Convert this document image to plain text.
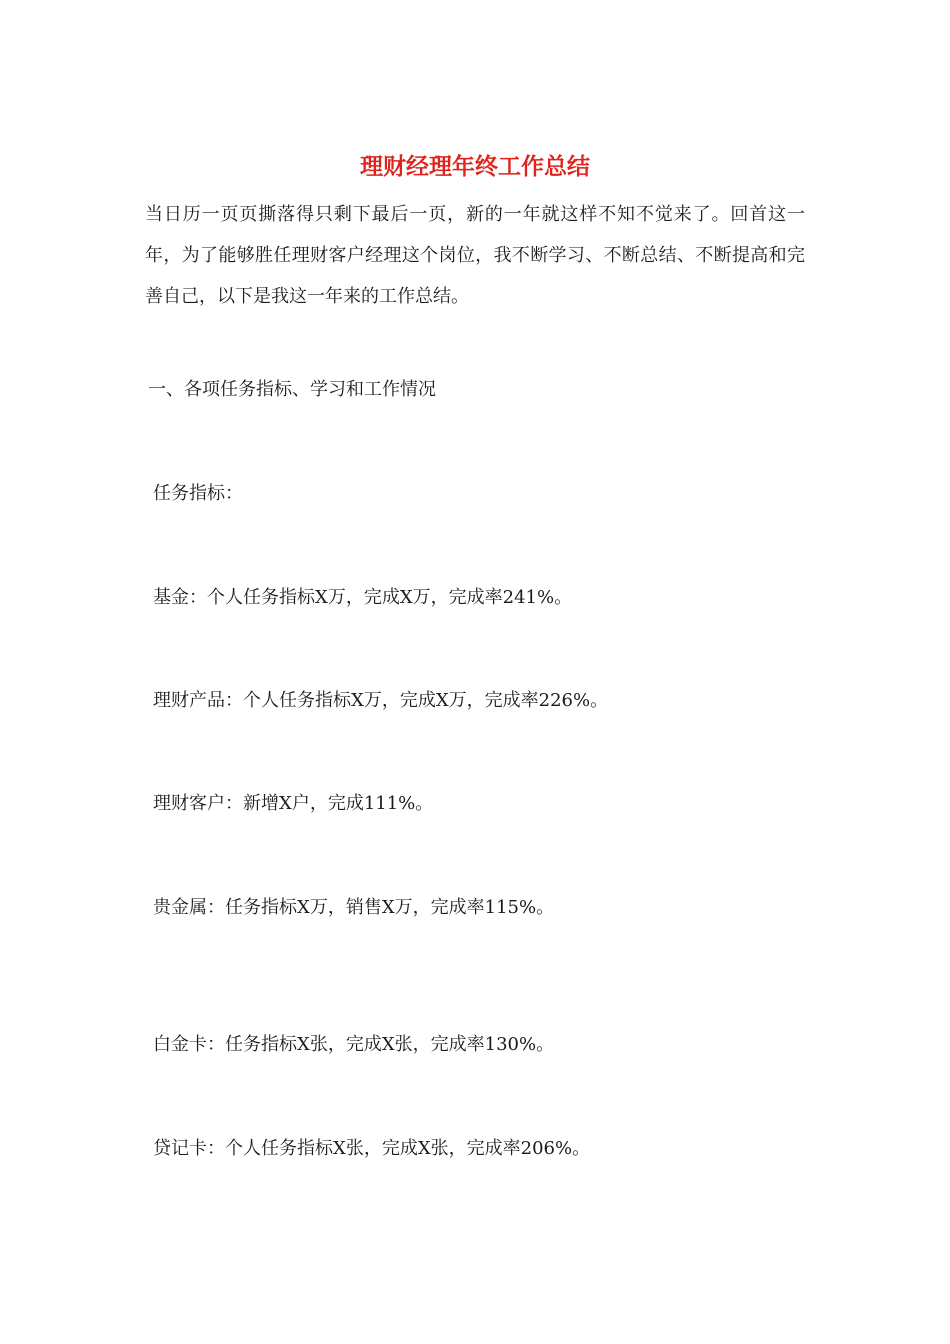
理财经理年终工作总结

当日历一页页撕落得只剩下最后一页，新的一年就这样不知不觉来了。回首这一年，为了能够胜任理财客户经理这个岗位，我不断学习、不断总结、不断提高和完善自己，以下是我这一年来的工作总结。

一、各项任务指标、学习和工作情况

任务指标：

基金：个人任务指标X万，完成X万，完成率241%。

理财产品：个人任务指标X万，完成X万，完成率226%。

理财客户：新增X户，完成111%。

贵金属：任务指标X万，销售X万，完成率115%。

白金卡：任务指标X张，完成X张，完成率130%。

贷记卡：个人任务指标X张，完成X张，完成率206%。
